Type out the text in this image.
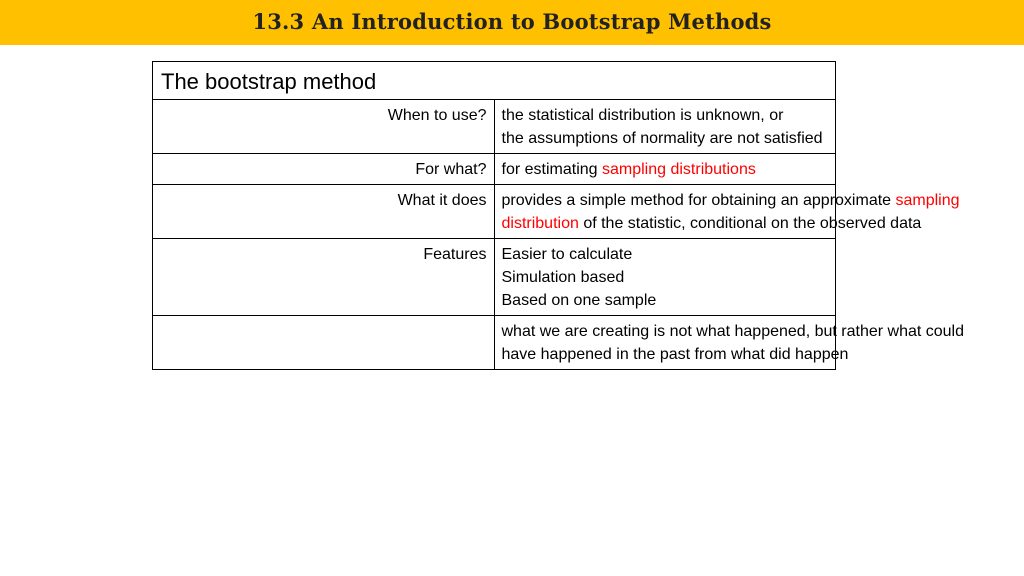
13.3 An Introduction to Bootstrap Methods
The bootstrap method	
When to use?	the statistical distribution is unknown, or
the assumptions of normality are not satisfied

For what?	for estimating sampling distributions

What it does	provides a simple method for obtaining an approximate sampling
distribution of the statistic, conditional on the observed data

Features	Easier to calculate
Simulation based
Based on one sample

	what we are creating is not what happened, but rather what could
have happened in the past from what did happen
